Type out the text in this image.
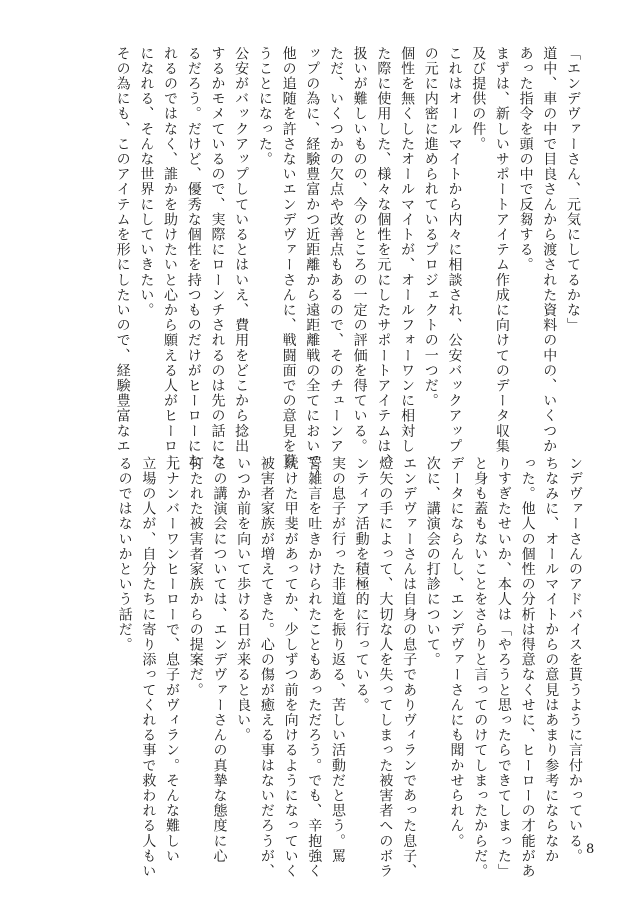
「エンデヴァーさん、元気にしてるかな」
道中、車の中で目良さんから渡された資料の中の、いくつか
あった指令を頭の中で反芻する。
まずは、新しいサポートアイテム作成に向けてのデータ収集
及び提供の件。
これはオールマイトから内々に相談され、公安バックアップ
の元に内密に進められているプロジェクトの一つだ。
個性を無くしたオールマイトが、オールフォーワンに相対し
た際に使用した、様々な個性を元にしたサポートアイテムは、
扱いが難しいものの、今のところの一定の評価を得ている。
ただ、いくつかの欠点や改善点もあるので、そのチューンア
ップの為に、経験豊富かつ近距離から遠距離戦の全てにおいて、
他の追随を許さないエンデヴァーさんに、戦闘面での意見を貰
うことになった。
公安がバックアップしているとはいえ、費用をどこから捻出
するかモメているので、実際にローンチされるのは先の話にな
るだろう。だけど、優秀な個性を持つものだけがヒーローにな
れるのではなく、誰かを助けたいと心から願える人がヒーロー
になれる、そんな世界にしていきたい。
その為にも、このアイテムを形にしたいので、経験豊富なエ
ンデヴァーさんのアドバイスを貰うように言付かっている。
ちなみに、オールマイトからの意見はあまり参考にならなか
った。他人の個性の分析は得意なくせに、ヒーローの才能があ
りすぎたせいか、本人は「やろうと思ったらできてしまった」
と身も蓋もないことをさらりと言ってのけてしまったからだ。
データにならんし、エンデヴァーさんにも聞かせられん。
次に、講演会の打診について。
エンデヴァーさんは自身の息子でありヴィランであった息子、
燈矢の手によって、大切な人を失ってしまった被害者へのボラ
ンティア活動を積極的に行っている。
実の息子が行った非道を振り返る、苦しい活動だと思う。罵
詈雑言を吐きかけられたこともあっただろう。でも、辛抱強く
続けた甲斐があってか、少しずつ前を向けるようになっていく
被害者家族が増えてきた。心の傷が癒える事はないだろうが、
いつか前を向いて歩ける日が来ると良い。
この講演会については、エンデヴァーさんの真摯な態度に心
打たれた被害者家族からの提案だ。
元ナンバーワンヒーローで、息子がヴィラン。そんな難しい
立場の人が、自分たちに寄り添ってくれる事で救われる人もい
るのではないかという話だ。
8
